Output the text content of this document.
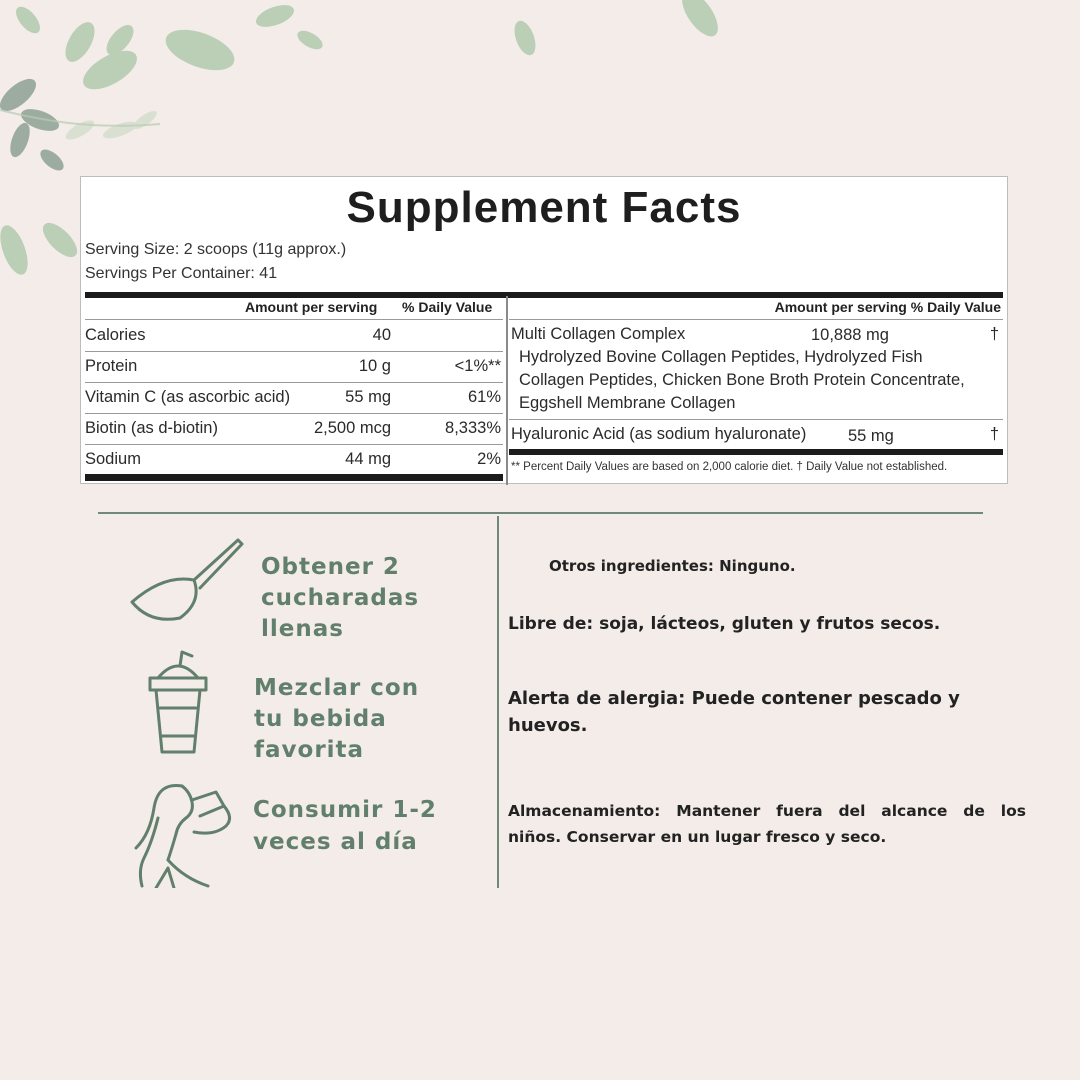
Supplement Facts
Serving Size: 2 scoops (11g approx.)
Servings Per Container: 41
Amount per serving % Daily Value	Amount per serving % Daily Value
Calories	40
Protein	10 g	<1%**
Vitamin C (as ascorbic acid)	55 mg	61%
Biotin (as d-biotin)	2,500 mcg	8,333%
Sodium	44 mg	2%
Multi Collagen Complex	10,888 mg	†
Hydrolyzed Bovine Collagen Peptides, Hydrolyzed Fish
Collagen Peptides, Chicken Bone Broth Protein Concentrate,
Eggshell Membrane Collagen
Hyaluronic Acid (as sodium hyaluronate)	55 mg	†
** Percent Daily Values are based on 2,000 calorie diet. † Daily Value not established.
Obtener 2
cucharadas
llenas
Mezclar con
tu bebida
favorita
Consumir 1-2
veces al día
Otros ingredientes: Ninguno.
Libre de: soja, lácteos, gluten y frutos secos.
Alerta de alergia: Puede contener pescado y
huevos.
Almacenamiento: Mantener fuera del alcance de los
niños. Conservar en un lugar fresco y seco.
